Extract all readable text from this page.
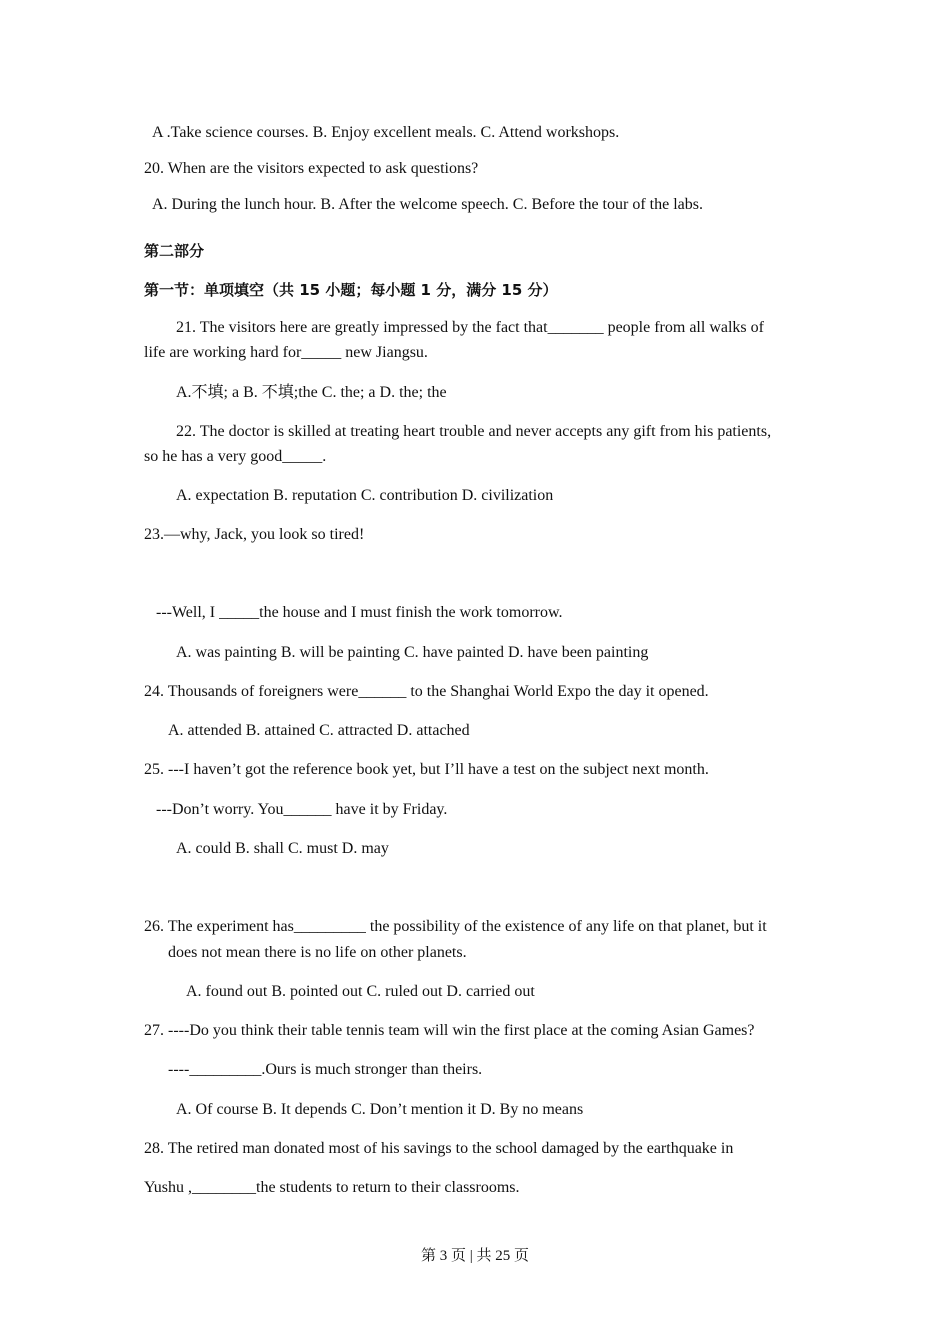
A .Take science courses. B. Enjoy excellent meals. C. Attend workshops.
20. When are the visitors expected to ask questions?
A. During the lunch hour. B. After the welcome speech. C. Before the tour of the labs.
第二部分
第一节：单项填空（共 15 小题；每小题 1 分，满分 15 分）
21. The visitors here are greatly impressed by the fact that_______ people from all walks of
life are working hard for_____ new Jiangsu.
A.不填; a B. 不填;the C. the; a D. the; the
22. The doctor is skilled at treating heart trouble and never accepts any gift from his patients,
so he has a very good_____.
A. expectation B. reputation C. contribution D. civilization
23.—why, Jack, you look so tired!
---Well, I _____the house and I must finish the work tomorrow.
A. was painting B. will be painting C. have painted D. have been painting
24. Thousands of foreigners were______ to the Shanghai World Expo the day it opened.
A. attended B. attained C. attracted D. attached
25. ---I haven’t got the reference book yet, but I’ll have a test on the subject next month.
---Don’t worry. You______ have it by Friday.
A. could B. shall C. must D. may
26. The experiment has_________ the possibility of the existence of any life on that planet, but it
does not mean there is no life on other planets.
A. found out B. pointed out C. ruled out D. carried out
27. ----Do you think their table tennis team will win the first place at the coming Asian Games?
----_________.Ours is much stronger than theirs.
A. Of course B. It depends C. Don’t mention it D. By no means
28. The retired man donated most of his savings to the school damaged by the earthquake in
Yushu ,________the students to return to their classrooms.
第 3 页 | 共 25 页
